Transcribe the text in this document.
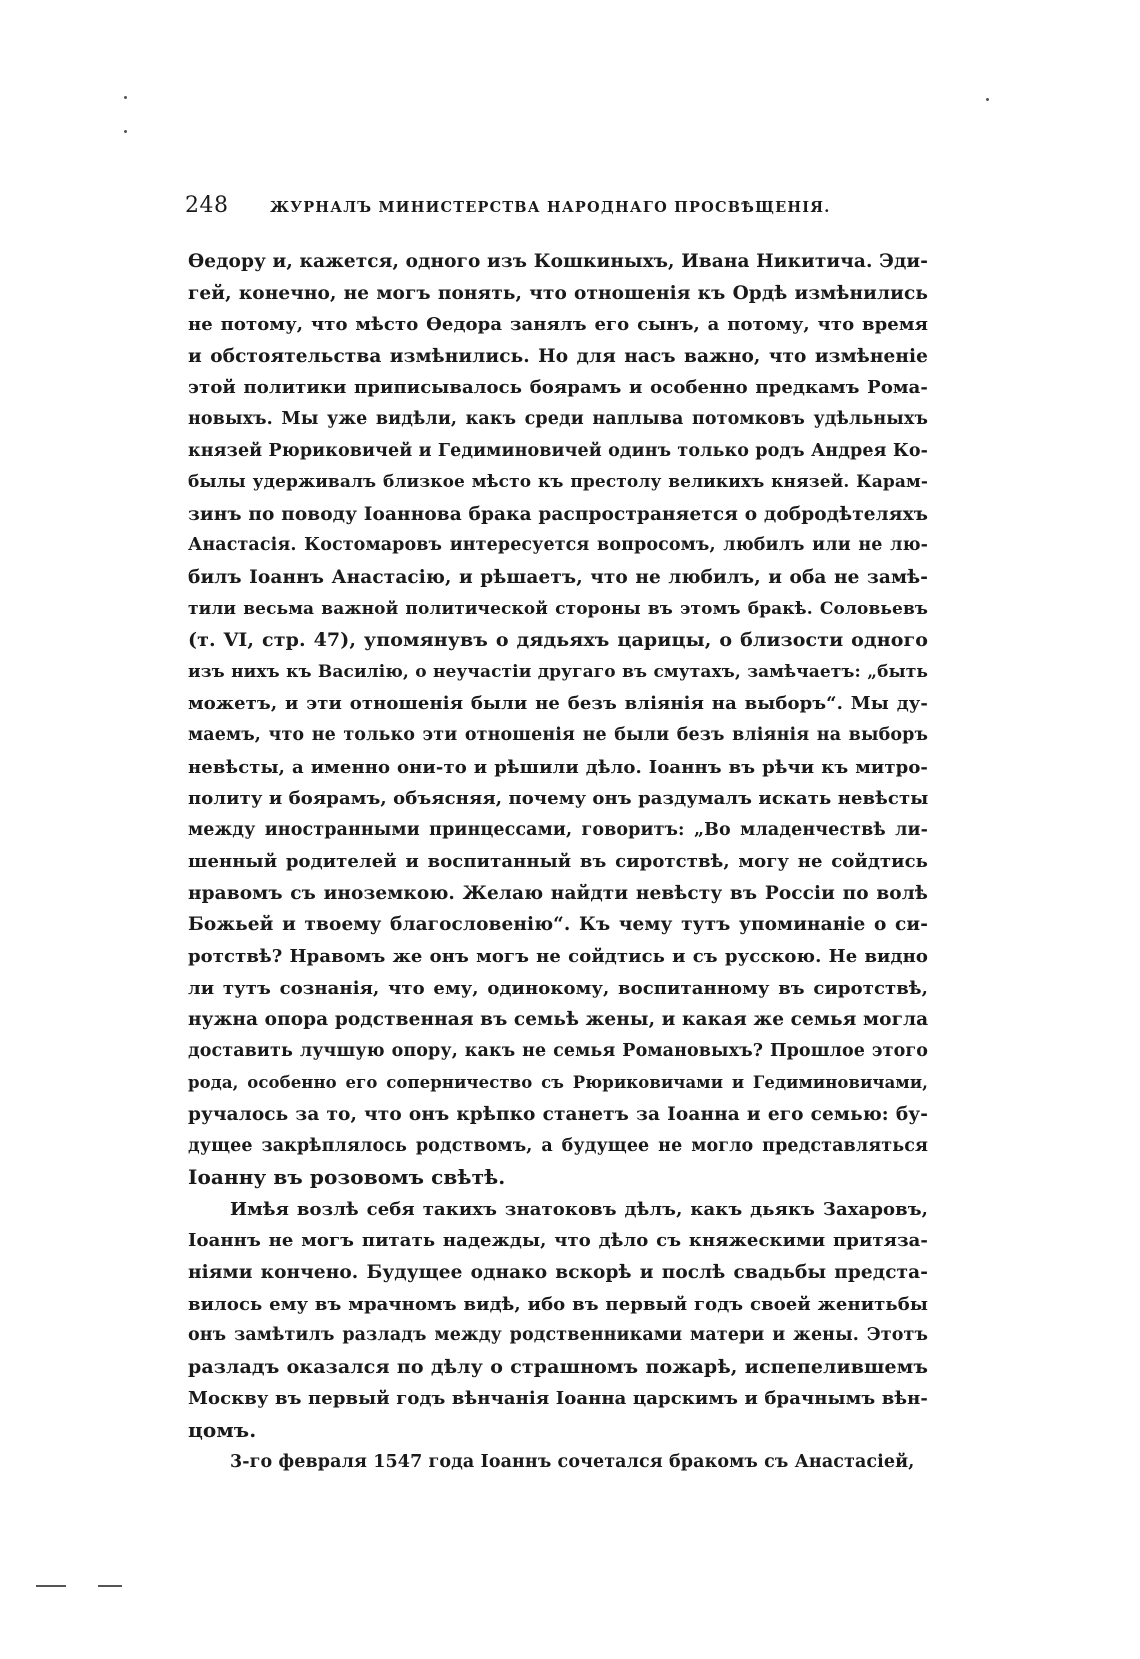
248	ЖУРНАЛЪ МИНИСТЕРСТВА НАРОДНАГО ПРОСВѢЩЕНІЯ.
Ѳедору и, кажется, одного изъ Кошкиныхъ, Ивана Никитича. Эди-
гей, конечно, не могъ понять, что отношенія къ Ордѣ измѣнились
не потому, что мѣсто Ѳедора занялъ его сынъ, а потому, что время
и обстоятельства измѣнились. Но для насъ важно, что измѣненіе
этой политики приписывалось боярамъ и особенно предкамъ Рома-
новыхъ. Мы уже видѣли, какъ среди наплыва потомковъ удѣльныхъ
князей Рюриковичей и Гедиминовичей одинъ только родъ Андрея Ко-
былы удерживалъ близкое мѣсто къ престолу великихъ князей. Карам-
зинъ по поводу Іоаннова брака распространяется о добродѣтеляхъ
Анастасія. Костомаровъ интересуется вопросомъ, любилъ или не лю-
билъ Іоаннъ Анастасію, и рѣшаетъ, что не любилъ, и оба не замѣ-
тили весьма важной политической стороны въ этомъ бракѣ. Соловьевъ
(т. VI, стр. 47), упомянувъ о дядьяхъ царицы, о близости одного
изъ нихъ къ Василію, о неучастіи другаго въ смутахъ, замѣчаетъ: „быть
можетъ, и эти отношенія были не безъ вліянія на выборъ“. Мы ду-
маемъ, что не только эти отношенія не были безъ вліянія на выборъ
невѣсты, а именно они-то и рѣшили дѣло. Іоаннъ въ рѣчи къ митро-
политу и боярамъ, объясняя, почему онъ раздумалъ искать невѣсты
между иностранными принцессами, говоритъ: „Во младенчествѣ ли-
шенный родителей и воспитанный въ сиротствѣ, могу не сойдтись
нравомъ съ иноземкою. Желаю найдти невѣсту въ Россіи по волѣ
Божьей и твоему благословенію“. Къ чему тутъ упоминаніе о си-
ротствѣ? Нравомъ же онъ могъ не сойдтись и съ русскою. Не видно
ли тутъ сознанія, что ему, одинокому, воспитанному въ сиротствѣ,
нужна опора родственная въ семьѣ жены, и какая же семья могла
доставить лучшую опору, какъ не семья Романовыхъ? Прошлое этого
рода, особенно его соперничество съ Рюриковичами и Гедиминовичами,
ручалось за то, что онъ крѣпко станетъ за Іоанна и его семью: бу-
дущее закрѣплялось родствомъ, а будущее не могло представляться
Іоанну въ розовомъ свѣтѣ.
Имѣя возлѣ себя такихъ знатоковъ дѣлъ, какъ дьякъ Захаровъ,
Іоаннъ не могъ питать надежды, что дѣло съ княжескими притяза-
ніями кончено. Будущее однако вскорѣ и послѣ свадьбы предста-
вилось ему въ мрачномъ видѣ, ибо въ первый годъ своей женитьбы
онъ замѣтилъ разладъ между родственниками матери и жены. Этотъ
разладъ оказался по дѣлу о страшномъ пожарѣ, испепелившемъ
Москву въ первый годъ вѣнчанія Іоанна царскимъ и брачнымъ вѣн-
цомъ.
3-го февраля 1547 года Іоаннъ сочетался бракомъ съ Анастасіей,
